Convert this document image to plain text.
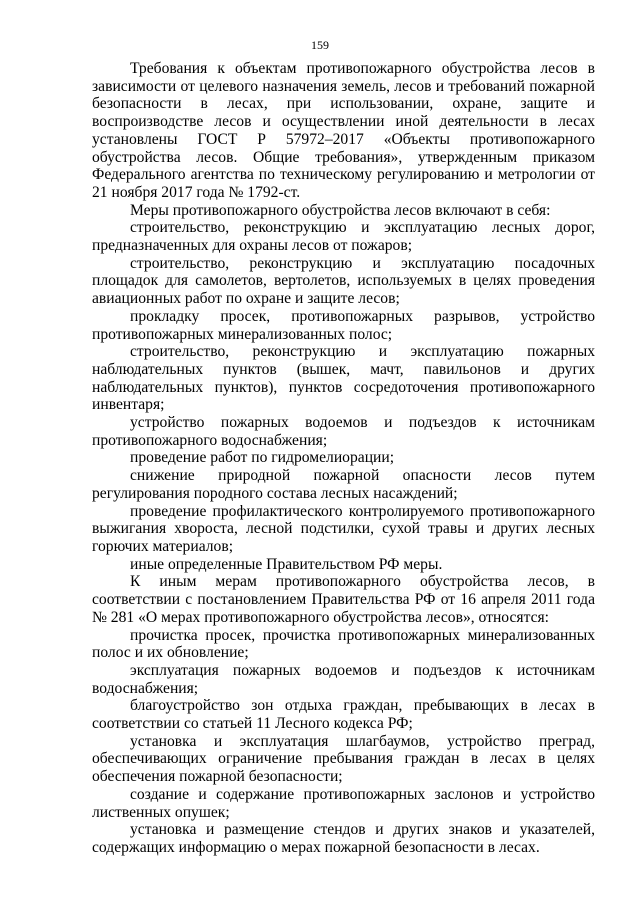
159

Требования к объектам противопожарного обустройства лесов в зависимости от целевого назначения земель, лесов и требований пожарной безопасности в лесах, при использовании, охране, защите и воспроизводстве лесов и осуществлении иной деятельности в лесах установлены ГОСТ Р 57972–2017 «Объекты противопожарного обустройства лесов. Общие требования», утвержденным приказом Федерального агентства по техническому регулированию и метрологии от 21 ноября 2017 года № 1792-ст.

Меры противопожарного обустройства лесов включают в себя:

строительство, реконструкцию и эксплуатацию лесных дорог, предназначенных для охраны лесов от пожаров;

строительство, реконструкцию и эксплуатацию посадочных площадок для самолетов, вертолетов, используемых в целях проведения авиационных работ по охране и защите лесов;

прокладку просек, противопожарных разрывов, устройство противопожарных минерализованных полос;

строительство, реконструкцию и эксплуатацию пожарных наблюдательных пунктов (вышек, мачт, павильонов и других наблюдательных пунктов), пунктов сосредоточения противопожарного инвентаря;

устройство пожарных водоемов и подъездов к источникам противопожарного водоснабжения;

проведение работ по гидромелиорации;

снижение природной пожарной опасности лесов путем регулирования породного состава лесных насаждений;

проведение профилактического контролируемого противопожарного выжигания хвороста, лесной подстилки, сухой травы и других лесных горючих материалов;

иные определенные Правительством РФ меры.

К иным мерам противопожарного обустройства лесов, в соответствии с постановлением Правительства РФ от 16 апреля 2011 года № 281 «О мерах противопожарного обустройства лесов», относятся:

прочистка просек, прочистка противопожарных минерализованных полос и их обновление;

эксплуатация пожарных водоемов и подъездов к источникам водоснабжения;

благоустройство зон отдыха граждан, пребывающих в лесах в соответствии со статьей 11 Лесного кодекса РФ;

установка и эксплуатация шлагбаумов, устройство преград, обеспечивающих ограничение пребывания граждан в лесах в целях обеспечения пожарной безопасности;

создание и содержание противопожарных заслонов и устройство лиственных опушек;

установка и размещение стендов и других знаков и указателей, содержащих информацию о мерах пожарной безопасности в лесах.
